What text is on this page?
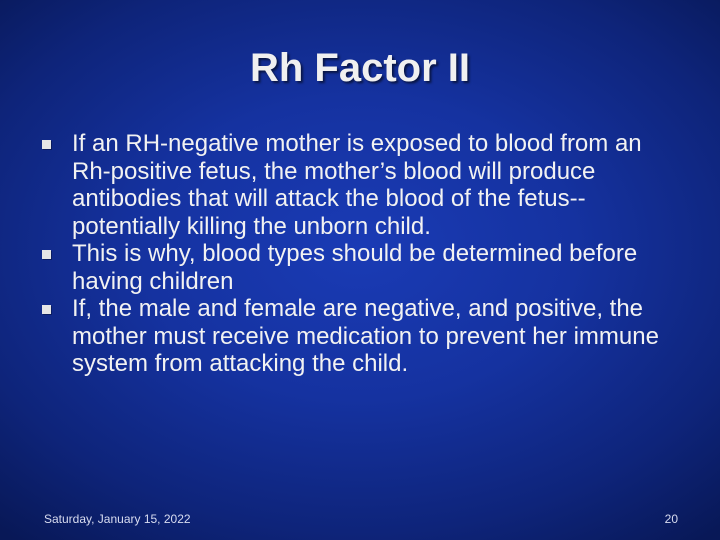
Rh Factor II
If an RH-negative mother is exposed to blood from an Rh-positive fetus, the mother’s blood will produce antibodies that will attack the blood of the fetus--potentially killing the unborn child.
This is why, blood types should be determined before having children
If, the male and female are negative, and positive, the mother must receive medication to prevent her immune system from attacking the child.
Saturday, January 15, 2022	20
